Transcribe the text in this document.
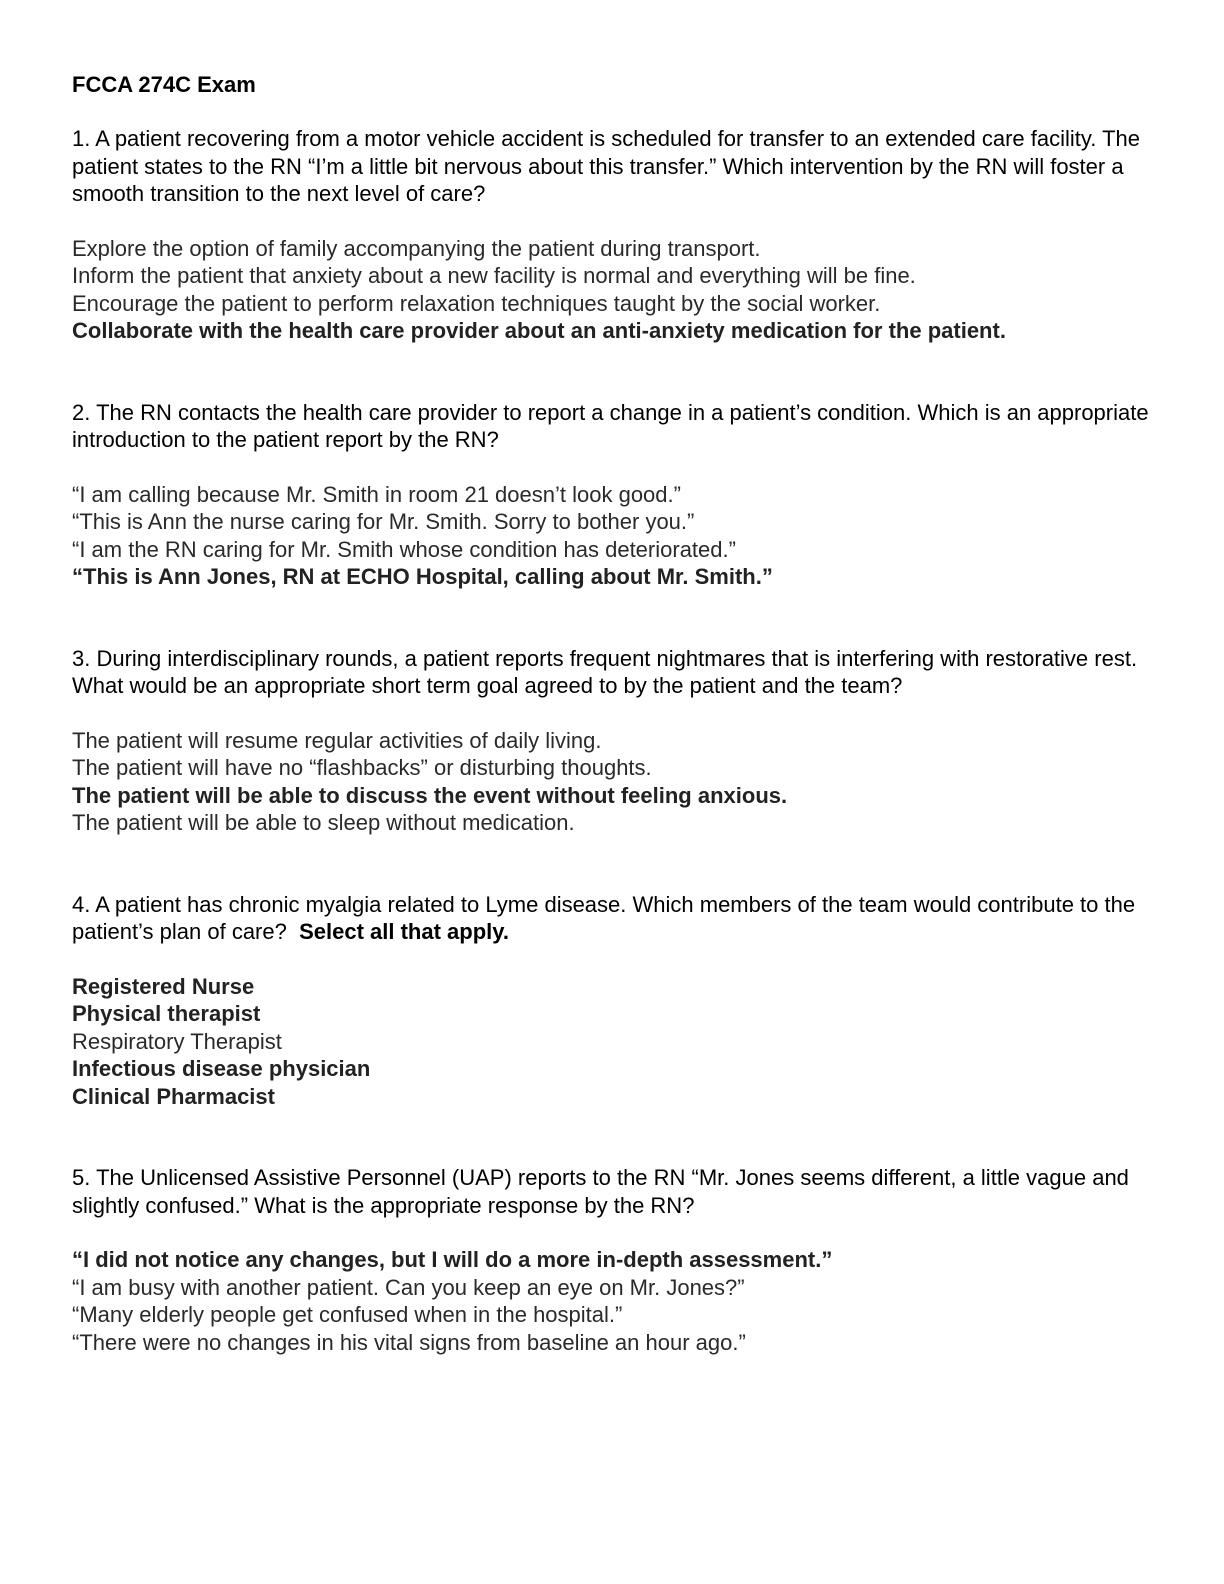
FCCA 274C Exam

1. A patient recovering from a motor vehicle accident is scheduled for transfer to an extended care facility. The patient states to the RN “I’m a little bit nervous about this transfer.” Which intervention by the RN will foster a smooth transition to the next level of care?

Explore the option of family accompanying the patient during transport.
Inform the patient that anxiety about a new facility is normal and everything will be fine.
Encourage the patient to perform relaxation techniques taught by the social worker.
Collaborate with the health care provider about an anti-anxiety medication for the patient.

2. The RN contacts the health care provider to report a change in a patient’s condition. Which is an appropriate introduction to the patient report by the RN?

“I am calling because Mr. Smith in room 21 doesn’t look good.”
“This is Ann the nurse caring for Mr. Smith. Sorry to bother you.”
“I am the RN caring for Mr. Smith whose condition has deteriorated.”
“This is Ann Jones, RN at ECHO Hospital, calling about Mr. Smith.”

3. During interdisciplinary rounds, a patient reports frequent nightmares that is interfering with restorative rest. What would be an appropriate short term goal agreed to by the patient and the team?

The patient will resume regular activities of daily living.
The patient will have no “flashbacks” or disturbing thoughts.
The patient will be able to discuss the event without feeling anxious.
The patient will be able to sleep without medication.

4. A patient has chronic myalgia related to Lyme disease. Which members of the team would contribute to the patient’s plan of care? Select all that apply.

Registered Nurse
Physical therapist
Respiratory Therapist
Infectious disease physician
Clinical Pharmacist

5. The Unlicensed Assistive Personnel (UAP) reports to the RN “Mr. Jones seems different, a little vague and slightly confused.” What is the appropriate response by the RN?

“I did not notice any changes, but I will do a more in-depth assessment.”
“I am busy with another patient. Can you keep an eye on Mr. Jones?”
“Many elderly people get confused when in the hospital.”
“There were no changes in his vital signs from baseline an hour ago.”
